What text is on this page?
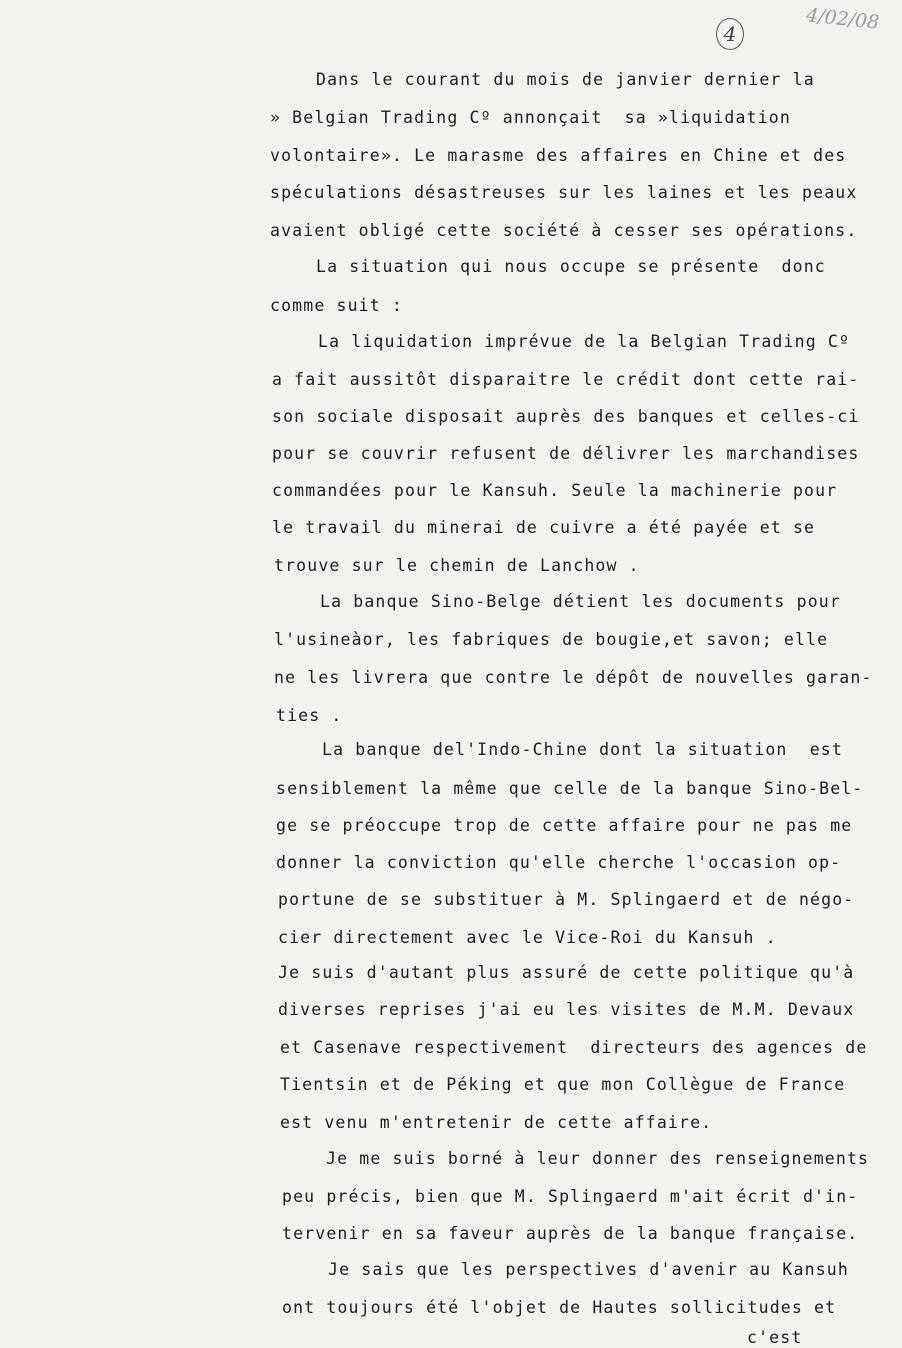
4
4/02/08
Dans le courant du mois de janvier dernier la
» Belgian Trading Cº annonçait  sa »liquidation
volontaire». Le marasme des affaires en Chine et des
spéculations désastreuses sur les laines et les peaux
avaient obligé cette société à cesser ses opérations.
La situation qui nous occupe se présente  donc
comme suit :
La liquidation imprévue de la Belgian Trading Cº
a fait aussitôt disparaitre le crédit dont cette rai-
son sociale disposait auprès des banques et celles-ci
pour se couvrir refusent de délivrer les marchandises
commandées pour le Kansuh. Seule la machinerie pour
le travail du minerai de cuivre a été payée et se
trouve sur le chemin de Lanchow .
La banque Sino-Belge détient les documents pour
l'usineàor, les fabriques de bougie,et savon; elle
ne les livrera que contre le dépôt de nouvelles garan-
ties .
La banque del'Indo-Chine dont la situation  est
sensiblement la même que celle de la banque Sino-Bel-
ge se préoccupe trop de cette affaire pour ne pas me
donner la conviction qu'elle cherche l'occasion op-
portune de se substituer à M. Splingaerd et de négo-
cier directement avec le Vice-Roi du Kansuh .
Je suis d'autant plus assuré de cette politique qu'à
diverses reprises j'ai eu les visites de M.M. Devaux
et Casenave respectivement  directeurs des agences de
Tientsin et de Péking et que mon Collègue de France
est venu m'entretenir de cette affaire.
Je me suis borné à leur donner des renseignements
peu précis, bien que M. Splingaerd m'ait écrit d'in-
tervenir en sa faveur auprès de la banque française.
Je sais que les perspectives d'avenir au Kansuh
ont toujours été l'objet de Hautes sollicitudes et
c'est
